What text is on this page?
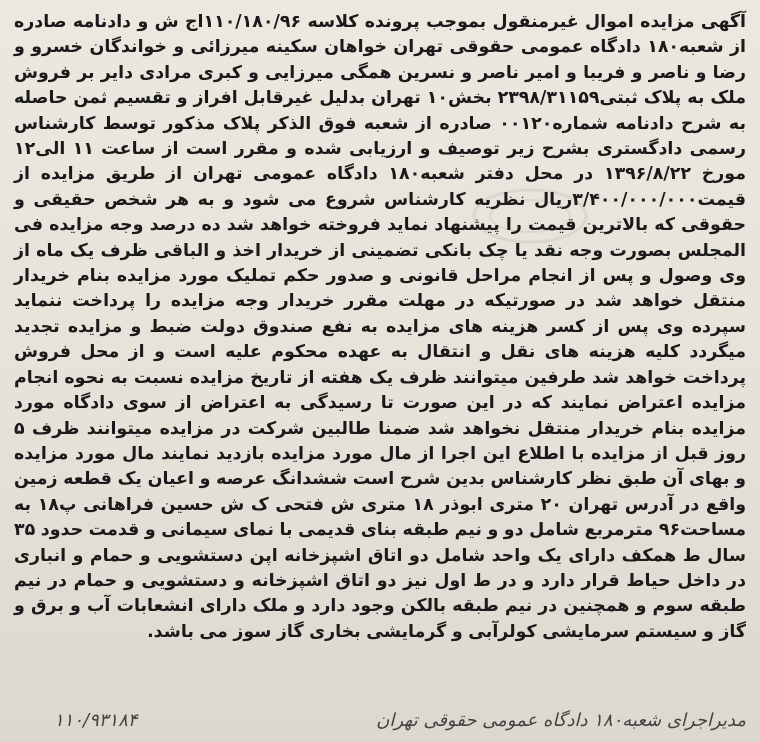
آگهی مزایده اموال غیرمنقول بموجب پرونده کلاسه ۱۱۰/۱۸۰/۹۶اج ش و دادنامه صادره از شعبه۱۸۰ دادگاه عمومی حقوقی تهران خواهان سکینه میرزائی و خواندگان خسرو و رضا و ناصر و فریبا و امیر ناصر و نسرین همگی میرزایی و کبری مرادی دایر بر فروش ملک به پلاک ثبتی۲۳۹۸/۳۱۱۵۹ بخش۱۰ تهران بدلیل غیرقابل افراز و تقسیم ثمن حاصله به شرح دادنامه شماره۰۰۱۲۰ صادره از شعبه فوق الذکر پلاک مذکور توسط کارشناس رسمی دادگستری بشرح زیر توصیف و ارزیابی شده و مقرر است از ساعت ۱۱ الی۱۲ مورخ ۱۳۹۶/۸/۲۲ در محل دفتر شعبه۱۸۰ دادگاه عمومی تهران از طریق مزایده از قیمت۳/۴۰۰/۰۰۰/۰۰۰ریال نظریه کارشناس شروع می شود و به هر شخص حقیقی و حقوقی که بالاترین قیمت را پیشنهاد نماید فروخته خواهد شد ده درصد وجه مزایده فی المجلس بصورت وجه نقد یا چک بانکی تضمینی از خریدار اخذ و الباقی ظرف یک ماه از وی وصول و پس از انجام مراحل قانونی و صدور حکم تملیک مورد مزایده بنام خریدار منتقل خواهد شد در صورتیکه در مهلت مقرر خریدار وجه مزایده را پرداخت ننماید سپرده وی پس از کسر هزینه های مزایده به نفع صندوق دولت ضبط و مزایده تجدید میگردد کلیه هزینه های نقل و انتقال به عهده محکوم علیه است و از محل فروش پرداخت خواهد شد طرفین میتوانند ظرف یک هفته از تاریخ مزایده نسبت به نحوه انجام مزایده اعتراض نمایند که در این صورت تا رسیدگی به اعتراض از سوی دادگاه مورد مزایده بنام خریدار منتقل نخواهد شد ضمنا طالبین شرکت در مزایده میتوانند ظرف ۵ روز قبل از مزایده با اطلاع این اجرا از مال مورد مزایده بازدید نمایند مال مورد مزایده و بهای آن طبق نظر کارشناس بدین شرح است ششدانگ عرصه و اعیان یک قطعه زمین واقع در آدرس تهران ۲۰ متری ابوذر ۱۸ متری ش فتحی ک ش حسین فراهانی پ۱۸ به مساحت۹۶ مترمربع شامل دو و نیم طبقه بنای قدیمی با نمای سیمانی و قدمت حدود ۳۵ سال ط همکف دارای یک واحد شامل دو اتاق اشپزخانه اپن دستشویی و حمام و انباری در داخل حیاط قرار دارد و در ط اول نیز دو اتاق اشپزخانه و دستشویی و حمام در نیم طبقه سوم و همچنین در نیم طبقه بالکن وجود دارد و ملک دارای انشعابات آب و برق و گاز و سیستم سرمایشی کولرآبی و گرمایشی بخاری گاز سوز می باشد.

مدیراجرای شعبه۱۸۰ دادگاه عمومی حقوقی تهران
۱۱۰/۹۳۱۸۴
